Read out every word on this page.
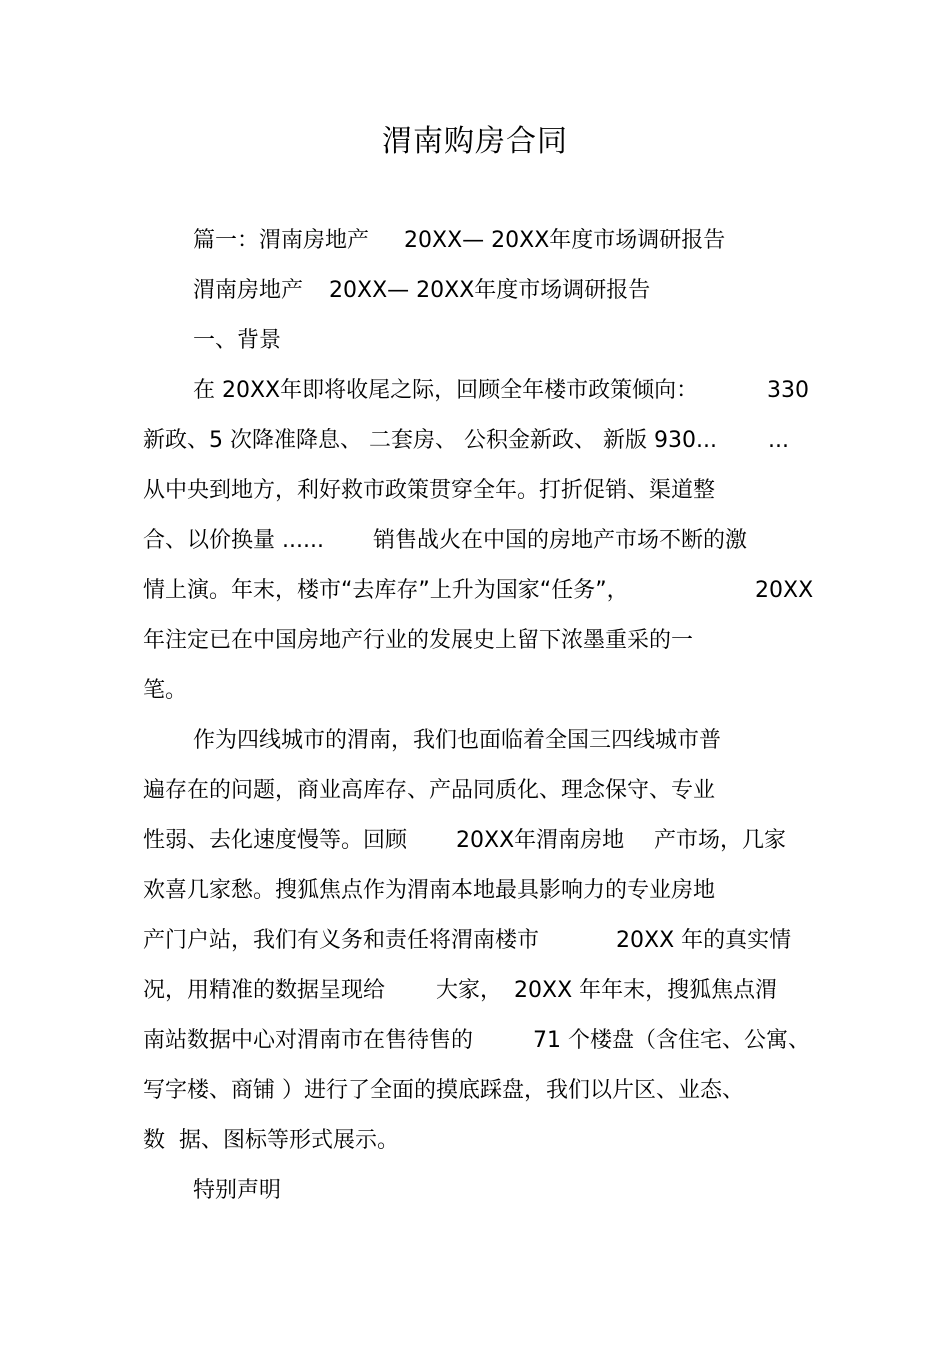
渭南购房合同

篇一：渭南房地产

20XX— 20XX年度市场调研报告

渭南房地产

20XX— 20XX年度市场调研报告

一、背景

在 20XX年即将收尾之际，回顾全年楼市政策倾向：

	330

新政、5 次降准降息、 二套房、 公积金新政、 新版 930...

...

从中央到地方，利好救市政策贯穿全年。打折促销、渠道整

合、以价换量 ......

销售战火在中国的房地产市场不断的激

情上演。年末，楼市“去库存”上升为国家“任务”，

	20XX

年注定已在中国房地产行业的发展史上留下浓墨重采的一

笔。

作为四线城市的渭南，我们也面临着全国三四线城市普

遍存在的问题，商业高库存、产品同质化、理念保守、专业

性弱、去化速度慢等。回顾

20XX年渭南房地

产市场，几家

欢喜几家愁。搜狐焦点作为渭南本地最具影响力的专业房地

产门户站，我们有义务和责任将渭南楼市

	20XX 年的真实情

况，用精准的数据呈现给

大家，

20XX 年年末，搜狐焦点渭

南站数据中心对渭南市在售待售的

	71 个楼盘（含住宅、公寓、

写字楼、商铺 ）进行了全面的摸底踩盘，我们以片区、业态、

数  据、图标等形式展示。

特别声明
